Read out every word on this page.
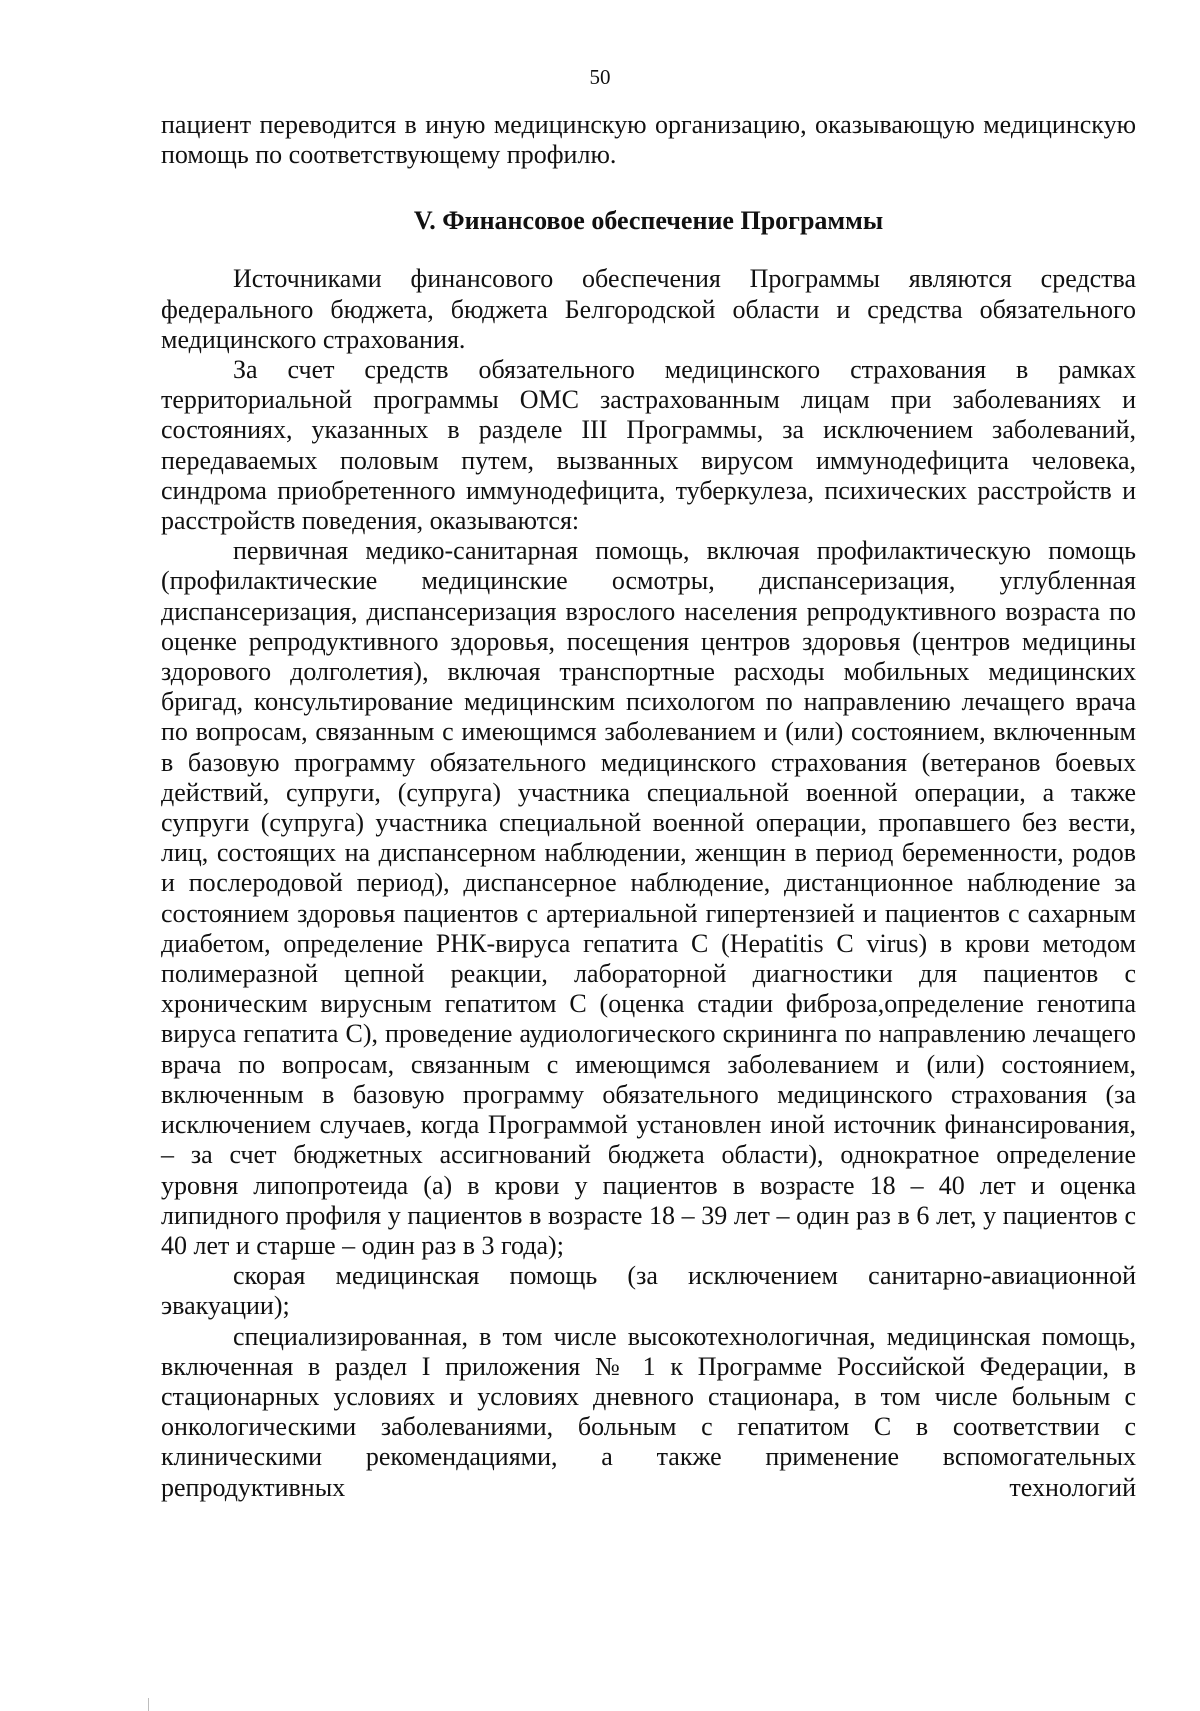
50

пациент переводится в иную медицинскую организацию, оказывающую медицинскую помощь по соответствующему профилю.

V. Финансовое обеспечение Программы

Источниками финансового обеспечения Программы являются средства федерального бюджета, бюджета Белгородской области и средства обязательного медицинского страхования.

За счет средств обязательного медицинского страхования в рамках территориальной программы ОМС застрахованным лицам при заболеваниях и состояниях, указанных в разделе III Программы, за исключением заболеваний, передаваемых половым путем, вызванных вирусом иммунодефицита человека, синдрома приобретенного иммунодефицита, туберкулеза, психических расстройств и расстройств поведения, оказываются:

первичная медико-санитарная помощь, включая профилактическую помощь (профилактические медицинские осмотры, диспансеризация, углубленная диспансеризация, диспансеризация взрослого населения репродуктивного возраста по оценке репродуктивного здоровья, посещения центров здоровья (центров медицины здорового долголетия), включая транспортные расходы мобильных медицинских бригад, консультирование медицинским психологом по направлению лечащего врача по вопросам, связанным с имеющимся заболеванием и (или) состоянием, включенным в базовую программу обязательного медицинского страхования (ветеранов боевых действий, супруги, (супруга) участника специальной военной операции, а также супруги (супруга) участника специальной военной операции, пропавшего без вести, лиц, состоящих на диспансерном наблюдении, женщин в период беременности, родов и послеродовой период), диспансерное наблюдение, дистанционное наблюдение за состоянием здоровья пациентов с артериальной гипертензией и пациентов с сахарным диабетом, определение РНК-вируса гепатита С (Hepatitis C virus) в крови методом полимеразной цепной реакции, лабораторной диагностики для пациентов с хроническим вирусным гепатитом С (оценка стадии фиброза,определение генотипа вируса гепатита С), проведение аудиологического скрининга по направлению лечащего врача по вопросам, связанным с имеющимся заболеванием и (или) состоянием, включенным в базовую программу обязательного медицинского страхования (за исключением случаев, когда Программой установлен иной источник финансирования, – за счет бюджетных ассигнований бюджета области), однократное определение уровня липопротеида (а) в крови у пациентов в возрасте 18 – 40 лет и оценка липидного профиля у пациентов в возрасте 18 – 39 лет – один раз в 6 лет, у пациентов с 40 лет и старше – один раз в 3 года);

скорая медицинская помощь (за исключением санитарно-авиационной эвакуации);

специализированная, в том числе высокотехнологичная, медицинская помощь, включенная в раздел I приложения № 1 к Программе Российской Федерации, в стационарных условиях и условиях дневного стационара, в том числе больным с онкологическими заболеваниями, больным с гепатитом С в соответствии с клиническими рекомендациями, а также применение вспомогательных репродуктивных технологий
